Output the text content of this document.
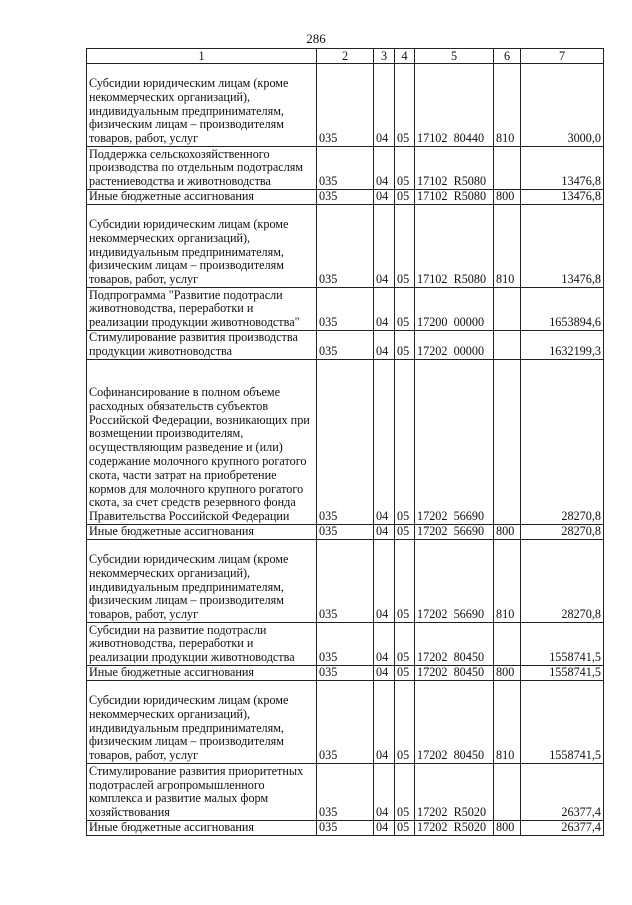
286
1	2	3	4	5	6	7
Субсидии юридическим лицам (кроме некоммерческих организаций), индивидуальным предпринимателям, физическим лицам – производителям товаров, работ, услуг	035	04	05	17102  80440	810	3000,0
Поддержка сельскохозяйственного производства по отдельным подотраслям растениеводства и животноводства	035	04	05	17102  R5080		13476,8
Иные бюджетные ассигнования	035	04	05	17102  R5080	800	13476,8
Субсидии юридическим лицам (кроме некоммерческих организаций), индивидуальным предпринимателям, физическим лицам – производителям товаров, работ, услуг	035	04	05	17102  R5080	810	13476,8
Подпрограмма "Развитие подотрасли животноводства, переработки и реализации продукции животноводства"	035	04	05	17200  00000		1653894,6
Стимулирование развития производства продукции животноводства	035	04	05	17202  00000		1632199,3
Софинансирование в полном объеме расходных обязательств субъектов Российской Федерации, возникающих при возмещении производителям, осуществляющим разведение и (или) содержание молочного крупного рогатого скота, части затрат на приобретение кормов для молочного крупного рогатого скота, за счет средств резервного фонда Правительства Российской Федерации	035	04	05	17202  56690		28270,8
Иные бюджетные ассигнования	035	04	05	17202  56690	800	28270,8
Субсидии юридическим лицам (кроме некоммерческих организаций), индивидуальным предпринимателям, физическим лицам – производителям товаров, работ, услуг	035	04	05	17202  56690	810	28270,8
Субсидии на развитие подотрасли животноводства, переработки и реализации продукции животноводства	035	04	05	17202  80450		1558741,5
Иные бюджетные ассигнования	035	04	05	17202  80450	800	1558741,5
Субсидии юридическим лицам (кроме некоммерческих организаций), индивидуальным предпринимателям, физическим лицам – производителям товаров, работ, услуг	035	04	05	17202  80450	810	1558741,5
Стимулирование развития приоритетных подотраслей агропромышленного комплекса и развитие малых форм хозяйствования	035	04	05	17202  R5020		26377,4
Иные бюджетные ассигнования	035	04	05	17202  R5020	800	26377,4
